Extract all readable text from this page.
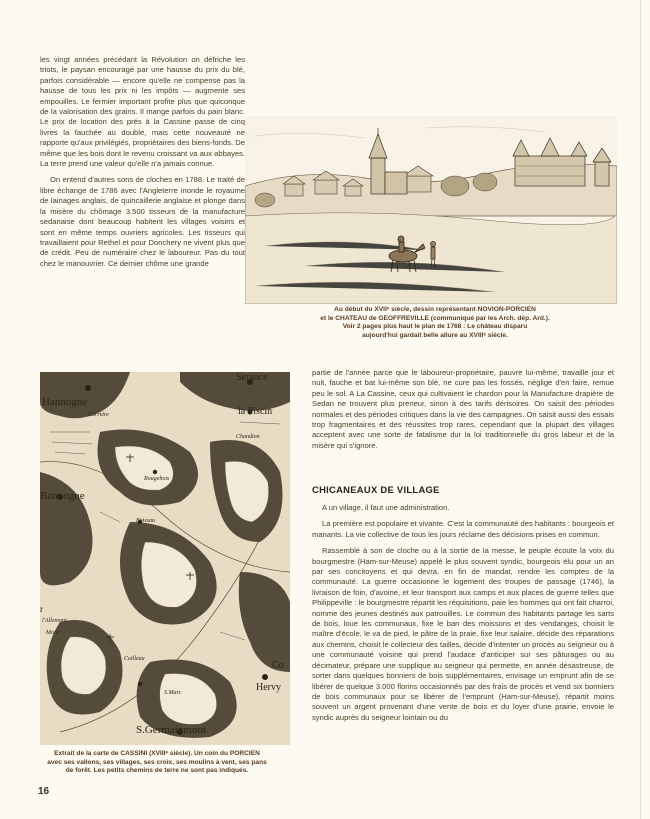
les vingt années précédant la Révolution on défriche les triots, le paysan encouragé par une hausse du prix du blé, parfois considérable — encore qu'elle ne compense pas la hausse de tous les prix ni les impôts — augmente ses empouilles. Le fermier important profite plus que quiconque de la valorisation des grains. Il mange parfois du pain blanc. Le prix de location des prés à la Cassine passe de cinq livres la fauchée au double, mais cette nouveauté ne rapporte qu'aux privilégiés, propriétaires des biens-fonds. De même que les bois dont le revenu croissant va aux abbayes. La terre prend une valeur qu'elle n'a jamais connue.

On entend d'autres sons de cloches en 1788. Le traité de libre échange de 1786 avec l'Angleterre inonde le royaume de lainages anglais, de quincaillerie anglaise et plonge dans la misère du chômage 3.500 tisseurs de la manufacture sedanaise dont beaucoup habitent les villages voisins et sont en même temps ouvriers agricoles. Les tisseurs qui travaillaient pour Rethel et pour Donchery ne vivent plus que de crédit. Peu de numéraire chez le laboureur. Pas du tout chez le manouvrier. Ce dernier chôme une grande

Au début du XVIIᵉ siècle, dessin représentant NOVION-PORCIEN
et le CHATEAU de GEOFFREVILLE (communiqué par les Arch. dép. Ard.).
Voir 2 pages plus haut le plan de 1768 : Le château disparu
aujourd'hui gardait belle allure au XVIIIᵉ siècle.
Hannogne
Serance
la Piscin
Carrière
Bannogne
Chandion
Rougebois
Boissau
r
l'Allemont
Mont
Cailleau
Co
Hervy
S.Marc
S.Germainmont
Extrait de la carte de CASSINI (XVIIIᵉ siècle). Un coin du PORCIEN
avec ses vallons, ses villages, ses croix, ses moulins à vent, ses pans
de forêt. Les petits chemins de terre ne sont pas indiqués.

partie de l'année parce que le laboureur-propriétaire, pauvre lui-même, travaille jour et nuit, fauche et bat lui-même son blé, ne cure pas les fossés, néglige d'en faire, remue peu le sol. A La Cassine, ceux qui cultivaient le chardon pour la Manufacture drapière de Sedan ne trouvent plus preneur, sinon à des tarifs dérisoires. On saisit des périodes normales et des périodes critiques dans la vie des campagnes. On saisit aussi des essais trop fragmentaires et des réussites trop rares, cependant que la plupart des villages acceptent avec une sorte de fatalisme dur la loi traditionnelle du gros labeur et de la misère qui s'ignore.

CHICANEAUX DE VILLAGE

A un village, il faut une administration.

La première est populaire et vivante. C'est la communauté des habitants : bourgeois et manants. La vie collective de tous les jours réclame des décisions prises en commun.

Rassemblé à son de cloche ou à la sortie de la messe, le peuple écoute la voix du bourgmestre (Ham-sur-Meuse) appelé le plus souvent syndic, bourgeois élu pour un an par ses concitoyens et qui devra, en fin de mandat, rendre les comptes de la communauté. La guerre occasionne le logement des troupes de passage (1746), la livraison de foin, d'avoine, et leur transport aux camps et aux places de guerre telles que Philippeville : le bourgmestre répartit les réquisitions, paie les hommes qui ont fait charroi, nomme des jeunes destinés aux patrouilles. Le commun des habitants partage les sarts de bois, loue les communaux, fixe le ban des moissons et des vendanges, choisit le maître d'école, le va de pied, le pâtre de la praie, fixe leur salaire, décide des réparations aux chemins, choisit le collecteur des tailles, décide d'intenter un procès au seigneur ou à une communauté voisine qui prend l'audace d'anticiper sur ses pâturages ou au décimateur, prépare une supplique au seigneur qui permette, en année désastreuse, de sorter dans quelques bonniers de bois supplémentaires, envisage un emprunt afin de se libérer de quelque 3.000 florins occasionnés par des frais de procès et vend six bonniers de bois communaux pour se libérer de l'emprunt (Ham-sur-Meuse), répartit moins souvent un argent provenant d'une vente de bois et du loyer d'une prairie, envoie le syndic auprès du seigneur lointain ou du

16
